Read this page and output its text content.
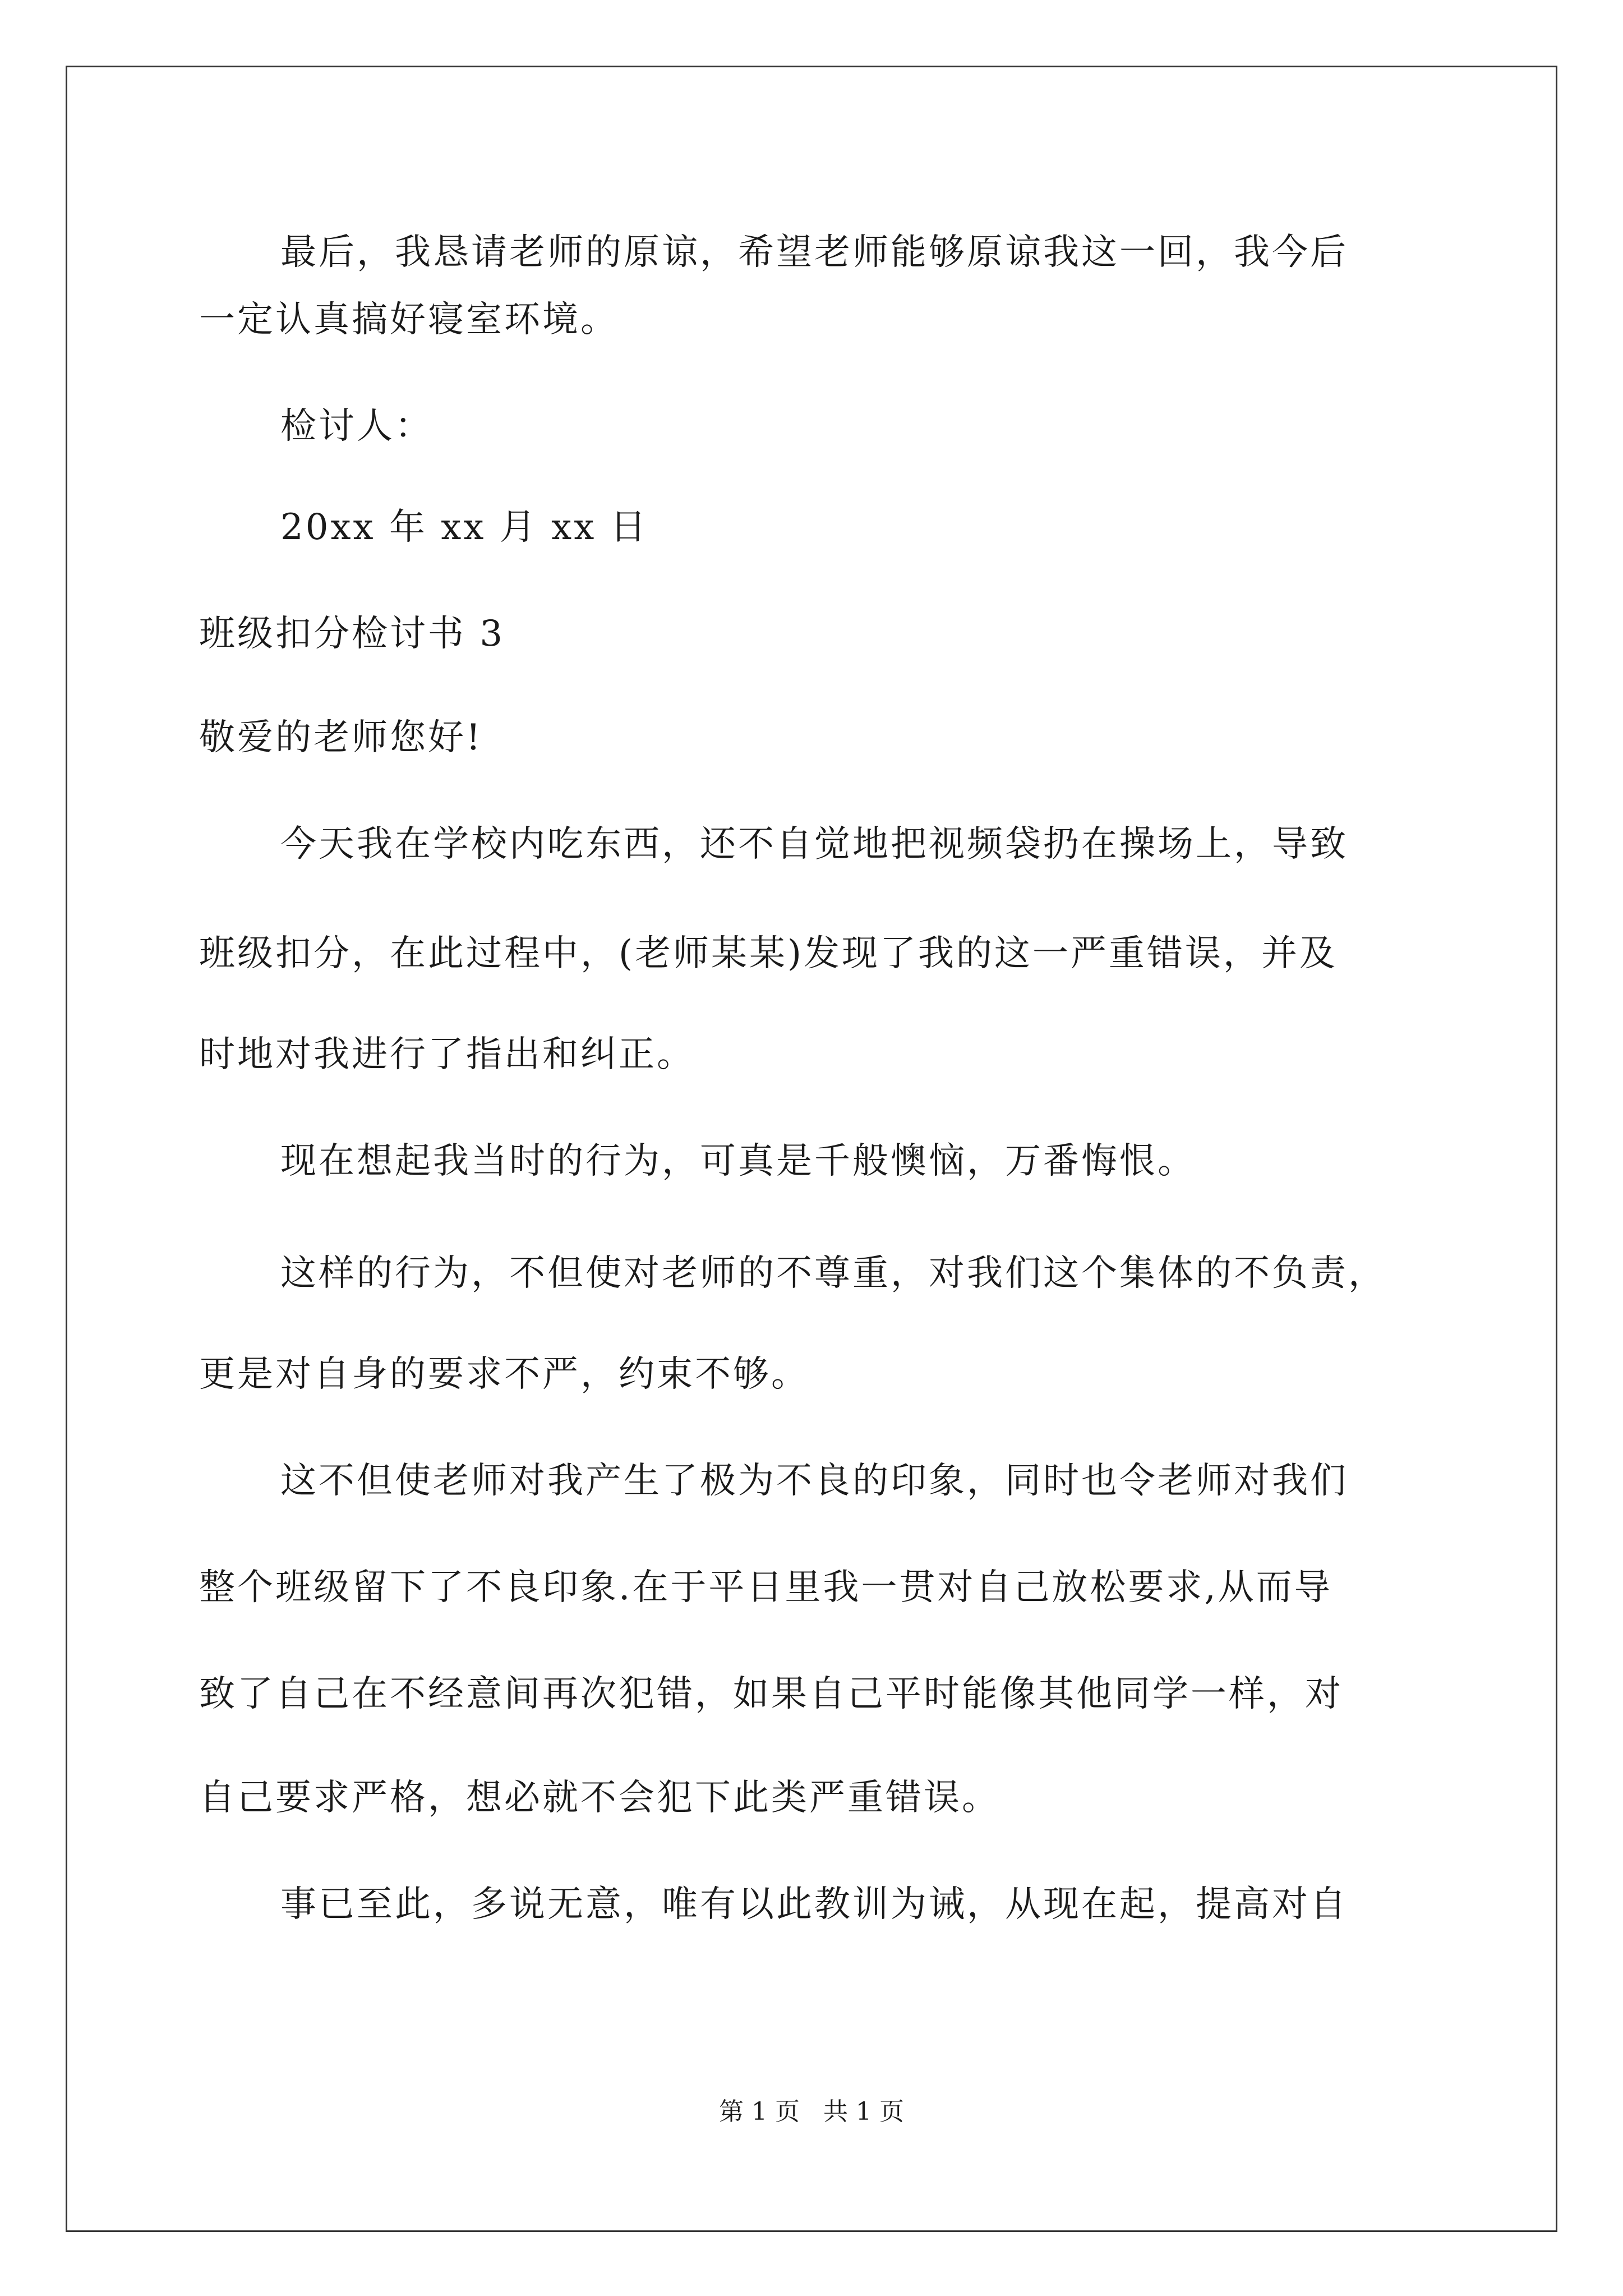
最后，我恳请老师的原谅，希望老师能够原谅我这一回，我今后
一定认真搞好寝室环境。
检讨人：
20xx 年 xx 月 xx 日
班级扣分检讨书 3
敬爱的老师您好!
今天我在学校内吃东西，还不自觉地把视频袋扔在操场上，导致
班级扣分，在此过程中，(老师某某)发现了我的这一严重错误，并及
时地对我进行了指出和纠正。
现在想起我当时的行为，可真是千般懊恼，万番悔恨。
这样的行为，不但使对老师的不尊重，对我们这个集体的不负责，
更是对自身的要求不严，约束不够。
这不但使老师对我产生了极为不良的印象，同时也令老师对我们
整个班级留下了不良印象.在于平日里我一贯对自己放松要求,从而导
致了自己在不经意间再次犯错，如果自己平时能像其他同学一样，对
自己要求严格，想必就不会犯下此类严重错误。
事已至此，多说无意，唯有以此教训为诫，从现在起，提高对自
第 1 页   共 1 页
